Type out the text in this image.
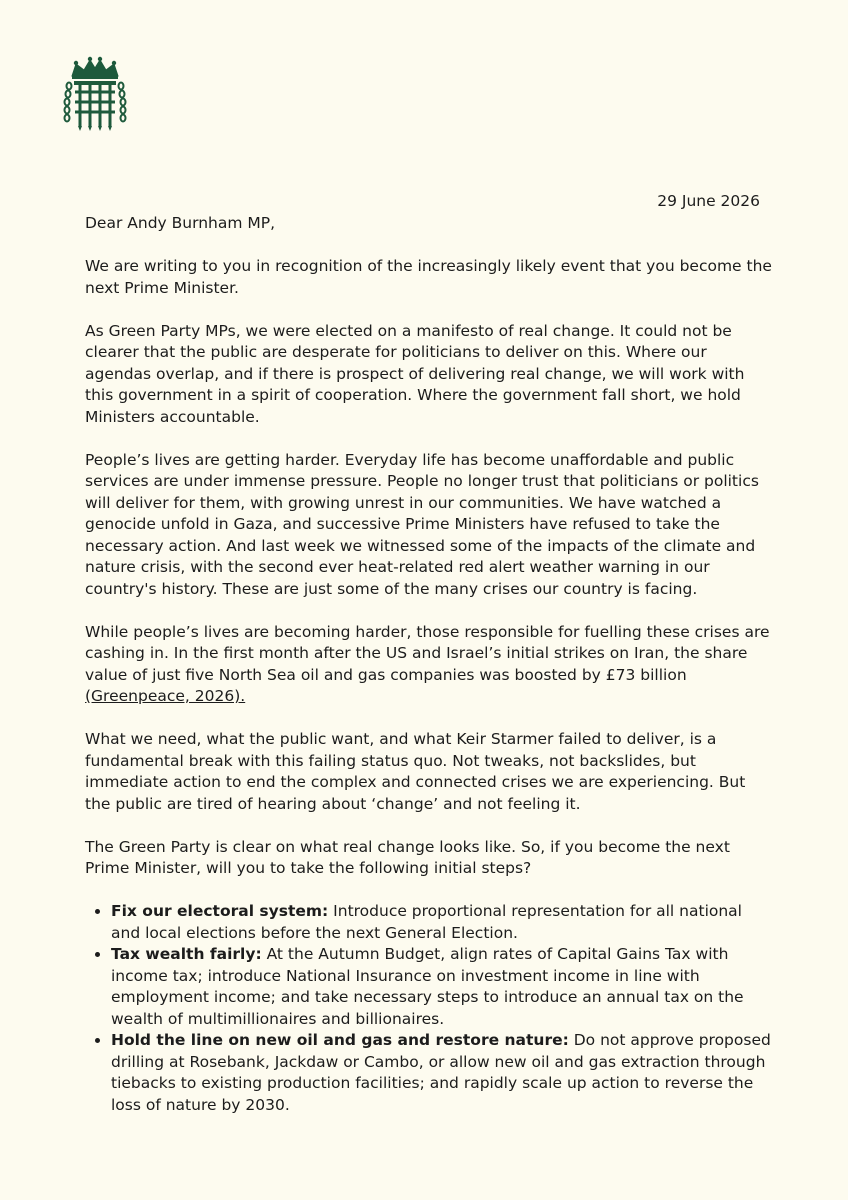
29 June 2026

Dear Andy Burnham MP,

We are writing to you in recognition of the increasingly likely event that you become the next Prime Minister.

As Green Party MPs, we were elected on a manifesto of real change. It could not be clearer that the public are desperate for politicians to deliver on this. Where our agendas overlap, and if there is prospect of delivering real change, we will work with this government in a spirit of cooperation. Where the government fall short, we hold Ministers accountable.

People’s lives are getting harder. Everyday life has become unaffordable and public services are under immense pressure. People no longer trust that politicians or politics will deliver for them, with growing unrest in our communities. We have watched a genocide unfold in Gaza, and successive Prime Ministers have refused to take the necessary action. And last week we witnessed some of the impacts of the climate and nature crisis, with the second ever heat-related red alert weather warning in our country's history. These are just some of the many crises our country is facing.

While people’s lives are becoming harder, those responsible for fuelling these crises are cashing in. In the first month after the US and Israel’s initial strikes on Iran, the share value of just five North Sea oil and gas companies was boosted by £73 billion (Greenpeace, 2026).

What we need, what the public want, and what Keir Starmer failed to deliver, is a fundamental break with this failing status quo. Not tweaks, not backslides, but immediate action to end the complex and connected crises we are experiencing. But the public are tired of hearing about ‘change’ and not feeling it.

The Green Party is clear on what real change looks like. So, if you become the next Prime Minister, will you to take the following initial steps?

• Fix our electoral system: Introduce proportional representation for all national and local elections before the next General Election.
• Tax wealth fairly: At the Autumn Budget, align rates of Capital Gains Tax with income tax; introduce National Insurance on investment income in line with employment income; and take necessary steps to introduce an annual tax on the wealth of multimillionaires and billionaires.
• Hold the line on new oil and gas and restore nature: Do not approve proposed drilling at Rosebank, Jackdaw or Cambo, or allow new oil and gas extraction through tiebacks to existing production facilities; and rapidly scale up action to reverse the loss of nature by 2030.
